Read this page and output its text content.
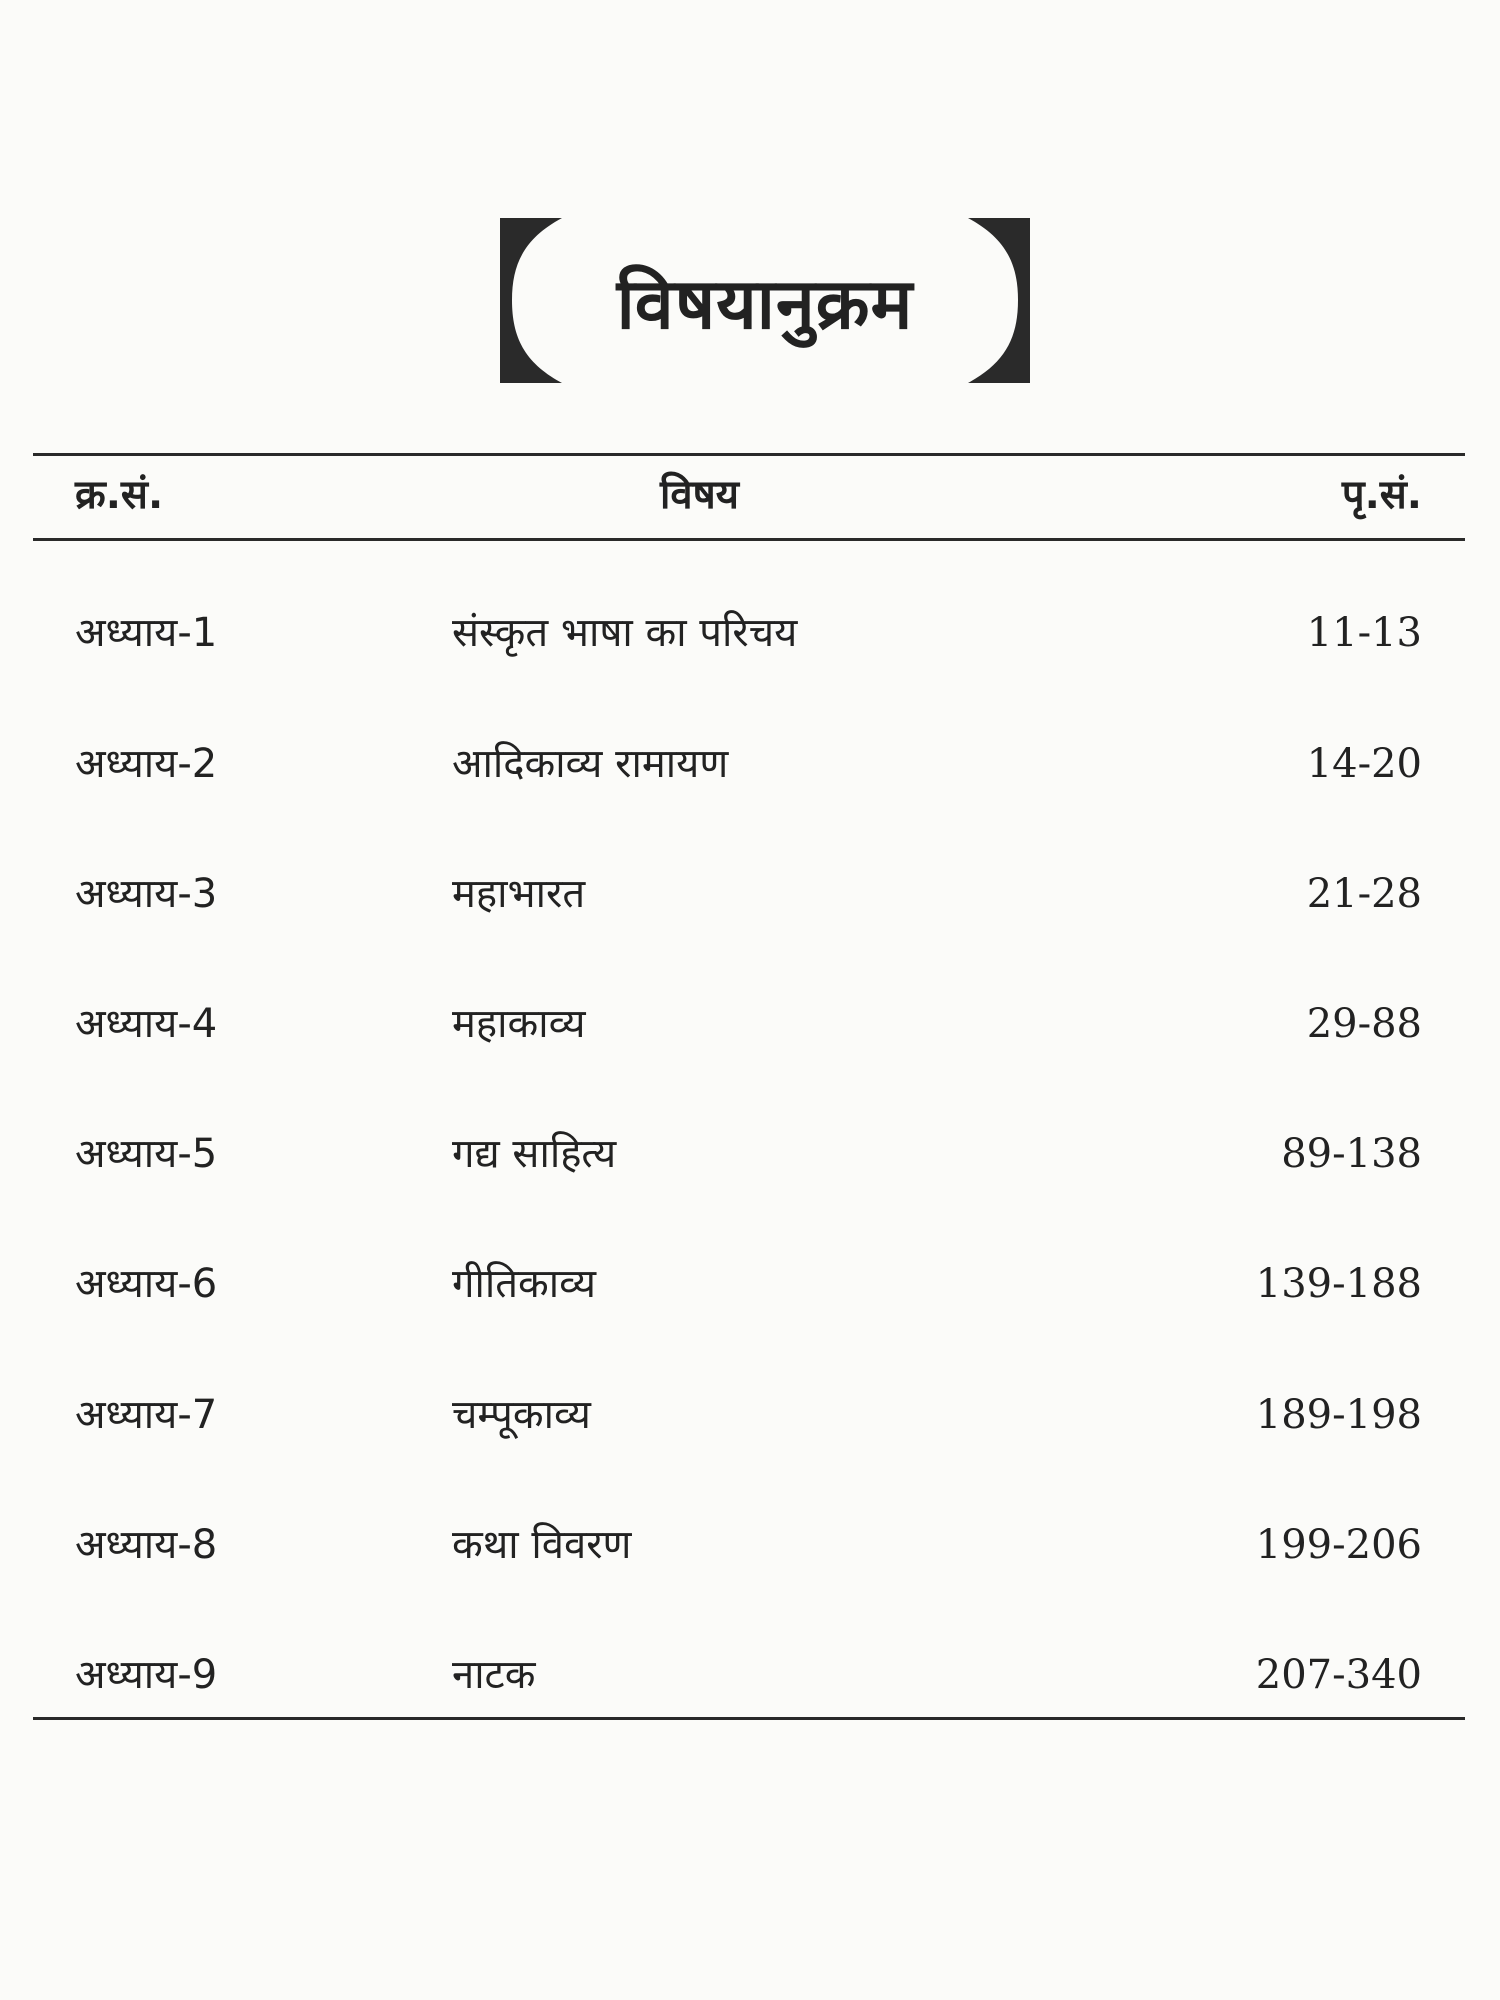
विषयानुक्रम
क्र.सं.	विषय	पृ.सं.
अध्याय-1	संस्कृत भाषा का परिचय	11-13
अध्याय-2	आदिकाव्य रामायण	14-20
अध्याय-3	महाभारत	21-28
अध्याय-4	महाकाव्य	29-88
अध्याय-5	गद्य साहित्य	89-138
अध्याय-6	गीतिकाव्य	139-188
अध्याय-7	चम्पूकाव्य	189-198
अध्याय-8	कथा विवरण	199-206
अध्याय-9	नाटक	207-340
